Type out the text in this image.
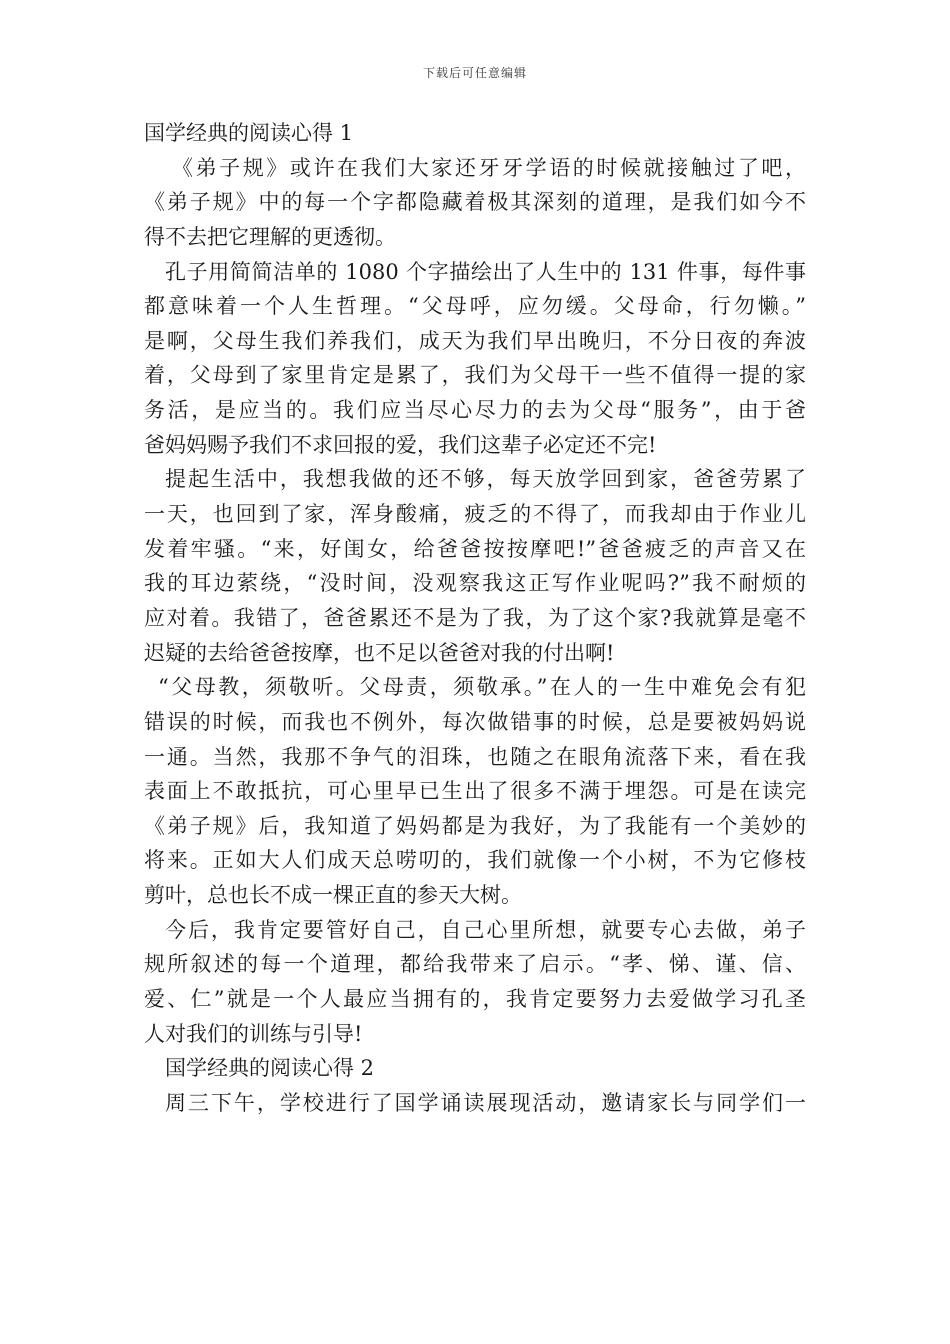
下载后可任意编辑
国学经典的阅读心得 1
《弟子规》或许在我们大家还牙牙学语的时候就接触过了吧，
《弟子规》中的每一个字都隐藏着极其深刻的道理，是我们如今不
得不去把它理解的更透彻。
孔子用简简洁单的 1080 个字描绘出了人生中的 131 件事，每件事
都意味着一个人生哲理。“父母呼，应勿缓。父母命，行勿懒。”
是啊，父母生我们养我们，成天为我们早出晚归，不分日夜的奔波
着，父母到了家里肯定是累了，我们为父母干一些不值得一提的家
务活，是应当的。我们应当尽心尽力的去为父母“服务”，由于爸
爸妈妈赐予我们不求回报的爱，我们这辈子必定还不完!
提起生活中，我想我做的还不够，每天放学回到家，爸爸劳累了
一天，也回到了家，浑身酸痛，疲乏的不得了，而我却由于作业儿
发着牢骚。“来，好闺女，给爸爸按按摩吧!”爸爸疲乏的声音又在
我的耳边萦绕，“没时间，没观察我这正写作业呢吗?”我不耐烦的
应对着。我错了，爸爸累还不是为了我，为了这个家?我就算是毫不
迟疑的去给爸爸按摩，也不足以爸爸对我的付出啊!
“父母教，须敬听。父母责，须敬承。”在人的一生中难免会有犯
错误的时候，而我也不例外，每次做错事的时候，总是要被妈妈说
一通。当然，我那不争气的泪珠，也随之在眼角流落下来，看在我
表面上不敢抵抗，可心里早已生出了很多不满于埋怨。可是在读完
《弟子规》后，我知道了妈妈都是为我好，为了我能有一个美妙的
将来。正如大人们成天总唠叨的，我们就像一个小树，不为它修枝
剪叶，总也长不成一棵正直的参天大树。
今后，我肯定要管好自己，自己心里所想，就要专心去做，弟子
规所叙述的每一个道理，都给我带来了启示。“孝、悌、谨、信、
爱、仁”就是一个人最应当拥有的，我肯定要努力去爱做学习孔圣
人对我们的训练与引导!
国学经典的阅读心得 2
周三下午，学校进行了国学诵读展现活动，邀请家长与同学们一
